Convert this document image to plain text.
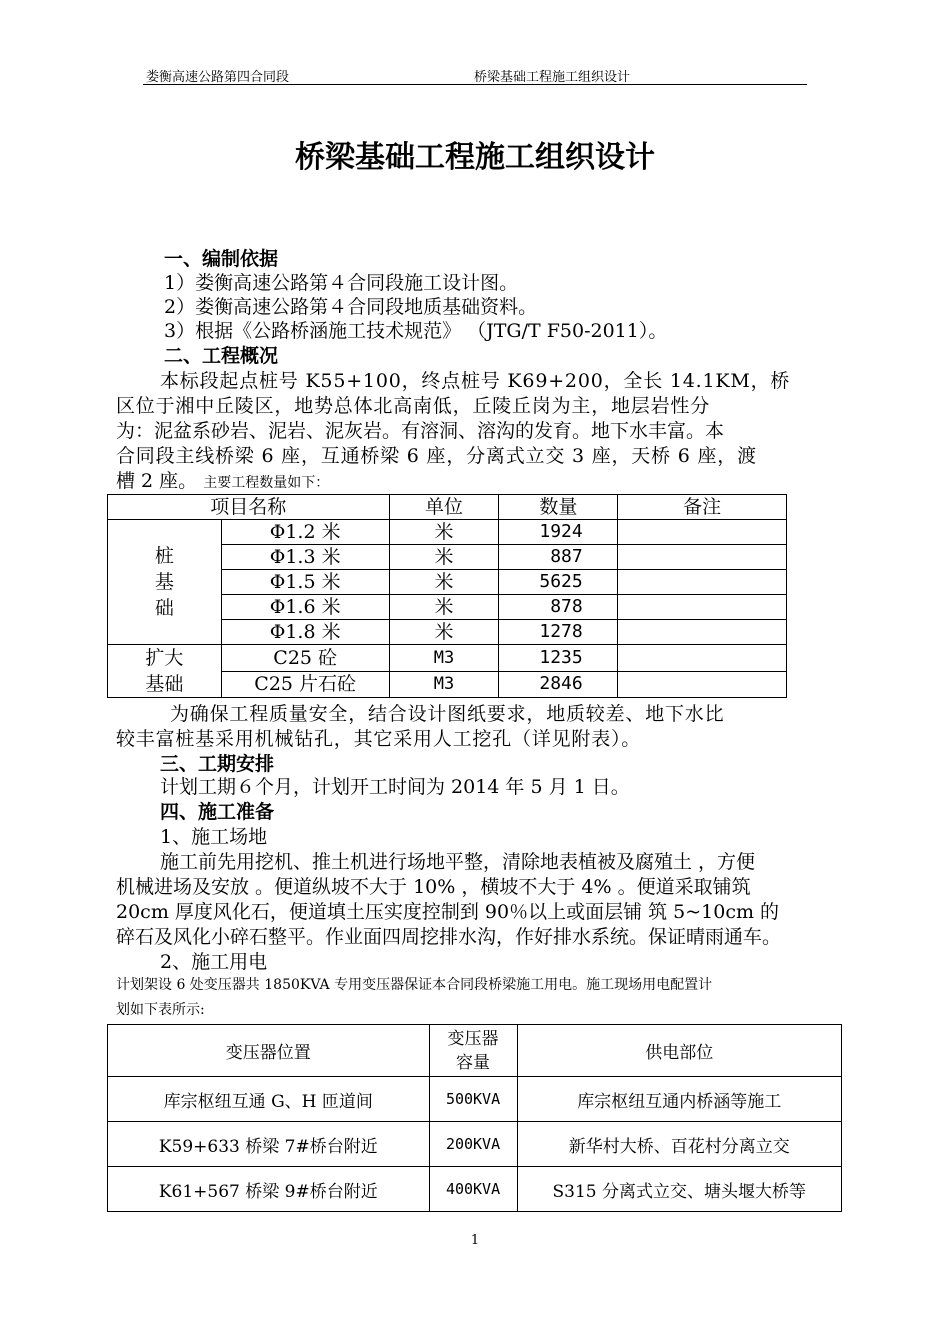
娄衡高速公路第四合同段	桥梁基础工程施工组织设计
桥梁基础工程施工组织设计
一、编制依据
1）娄衡高速公路第４合同段施工设计图。
2）娄衡高速公路第４合同段地质基础资料。
3）根据《公路桥涵施工技术规范》 （JTG/T F50-2011）。
二、工程概况
本标段起点桩号 K55+100，终点桩号 K69+200，全长 14.1KM，桥
区位于湘中丘陵区，地势总体北高南低，丘陵丘岗为主，地层岩性分
为：泥盆系砂岩、泥岩、泥灰岩。有溶洞、溶沟的发育。地下水丰富。本
合同段主线桥梁 6 座，互通桥梁 6 座，分离式立交 3 座，天桥 6 座，渡
槽 2 座。 主要工程数量如下：
项目名称		单位	数量	备注
桩
基
础	Φ1.2 米	米	1924	
	Φ1.3 米	米	887	
	Φ1.5 米	米	5625	
	Φ1.6 米	米	878	
	Φ1.8 米	米	1278	
扩大
基础	C25 砼	M3	1235	
	C25 片石砼	M3	2846	
为确保工程质量安全，结合设计图纸要求，地质较差、地下水比
较丰富桩基采用机械钻孔，其它采用人工挖孔（详见附表）。
三、工期安排
计划工期６个月，计划开工时间为 2014 年 5 月 1 日。
四、施工准备
1、施工场地
施工前先用挖机、推土机进行场地平整，清除地表植被及腐殖土 ，方便
机械进场及安放 。便道纵坡不大于 10% ，横坡不大于 4% 。便道采取铺筑
20cm 厚度风化石，便道填土压实度控制到 90％以上或面层铺 筑 5~10cm 的
碎石及风化小碎石整平。作业面四周挖排水沟，作好排水系统。保证晴雨通车。
2、施工用电
计划架设 6 处变压器共 1850KVA 专用变压器保证本合同段桥梁施工用电。施工现场用电配置计
划如下表所示:
变压器位置	变压器
容量	供电部位
库宗枢纽互通 G、H 匝道间	500KVA	库宗枢纽互通内桥涵等施工
K59+633 桥梁 7#桥台附近	200KVA	新华村大桥、百花村分离立交
K61+567 桥梁 9#桥台附近	400KVA	S315 分离式立交、塘头堰大桥等
1
